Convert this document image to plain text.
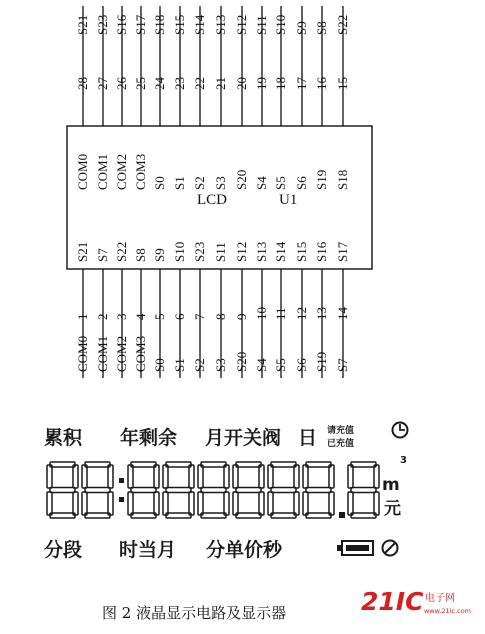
LCD	U1
S21
28
COM0
S23
27
COM1
S16
26
COM2
S17
25
COM3
S18
24
S0
S15
23
S1
S14
22
S2
S13
21
S3
S12
20
S20
S11
19
S4
S10
18
S5
S9
17
S6
S8
16
S19
S22
15
S18
S21
1
COM0
S7
2
COM1
S22
3
COM2
S8
4
COM3
S9
5
S0
S10
6
S1
S23
7
S2
S11
8
S3
S12
9
S20
S13
10
S4
S14
11
S5
S15
12
S6
S16
13
S19
S17
14
S7
累积 年剩余 月开关阀 日 请充值
已充值
m
3
元
分段 时当月 分单价秒
图 2 液晶显示电路及显示器	21IC 电子网
www.21ic.com
